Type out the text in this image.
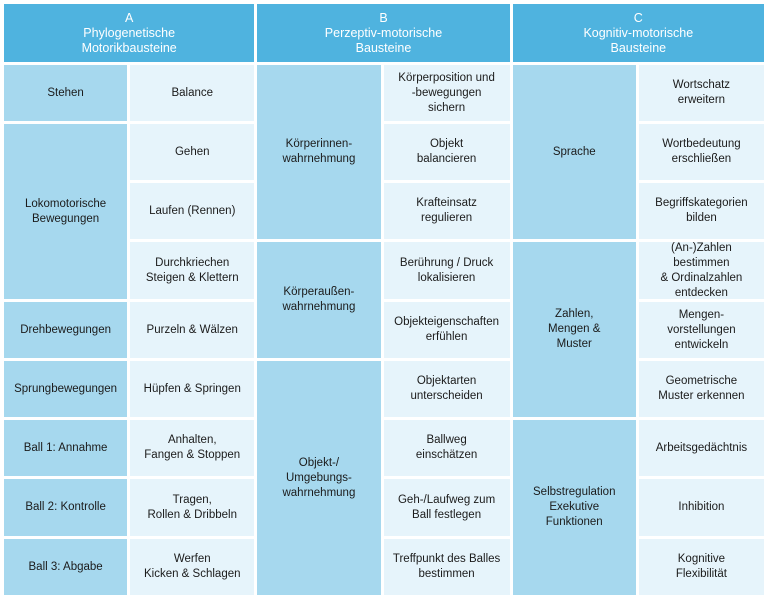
A
Phylogenetische
Motorikbausteine
B
Perzeptiv-motorische
Bausteine
C
Kognitiv-motorische
Bausteine
Stehen
Lokomotorische
Bewegungen
Drehbewegungen
Sprungbewegungen
Ball 1: Annahme
Ball 2: Kontrolle
Ball 3: Abgabe
Balance
Gehen
Laufen (Rennen)
Durchkriechen
Steigen & Klettern
Purzeln & Wälzen
Hüpfen & Springen
Anhalten,
Fangen & Stoppen
Tragen,
Rollen & Dribbeln
Werfen
Kicken & Schlagen
Körperinnen-
wahrnehmung
Körperaußen-
wahrnehmung
Objekt-/
Umgebungs-
wahrnehmung
Körperposition und
-bewegungen
sichern
Objekt
balancieren
Krafteinsatz
regulieren
Berührung / Druck
lokalisieren
Objekteigenschaften
erfühlen
Objektarten
unterscheiden
Ballweg
einschätzen
Geh-/Laufweg zum
Ball festlegen
Treffpunkt des Balles
bestimmen
Sprache
Zahlen,
Mengen &
Muster
Selbstregulation
Exekutive
Funktionen
Wortschatz
erweitern
Wortbedeutung
erschließen
Begriffskategorien
bilden
(An-)Zahlen bestimmen
& Ordinalzahlen
entdecken
Mengen-
vorstellungen
entwickeln
Geometrische
Muster erkennen
Arbeitsgedächtnis
Inhibition
Kognitive
Flexibilität
